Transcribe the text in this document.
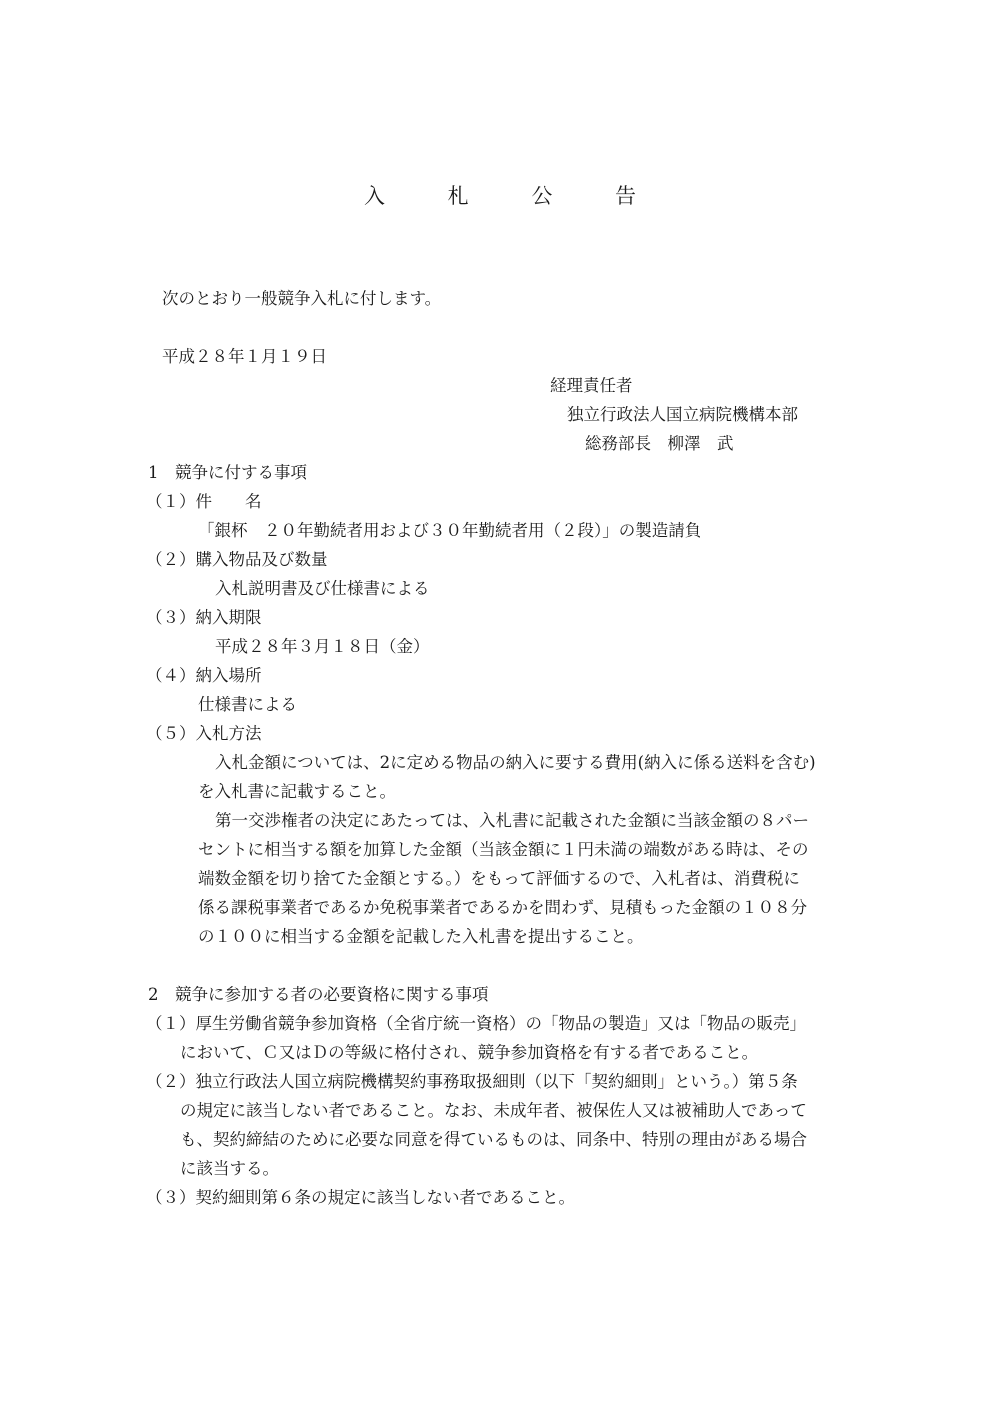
入 札 公 告
次のとおり一般競争入札に付します。
平成２８年１月１９日
経理責任者
独立行政法人国立病院機構本部
総務部長　柳澤　武
1　競争に付する事項
（１）件　　名
「銀杯　２０年勤続者用および３０年勤続者用（２段）」の製造請負
（２）購入物品及び数量
入札説明書及び仕様書による
（３）納入期限
平成２８年３月１８日（金）
（４）納入場所
仕様書による
（５）入札方法
入札金額については、2に定める物品の納入に要する費用(納入に係る送料を含む)
を入札書に記載すること。
第一交渉権者の決定にあたっては、入札書に記載された金額に当該金額の８パー
セントに相当する額を加算した金額（当該金額に１円未満の端数がある時は、その
端数金額を切り捨てた金額とする。）をもって評価するので、入札者は、消費税に
係る課税事業者であるか免税事業者であるかを問わず、見積もった金額の１０８分
の１００に相当する金額を記載した入札書を提出すること。
2　競争に参加する者の必要資格に関する事項
（１）厚生労働省競争参加資格（全省庁統一資格）の「物品の製造」又は「物品の販売」
において、Ｃ又はＤの等級に格付され、競争参加資格を有する者であること。
（２）独立行政法人国立病院機構契約事務取扱細則（以下「契約細則」という。）第５条
の規定に該当しない者であること。なお、未成年者、被保佐人又は被補助人であって
も、契約締結のために必要な同意を得ているものは、同条中、特別の理由がある場合
に該当する。
（３）契約細則第６条の規定に該当しない者であること。
